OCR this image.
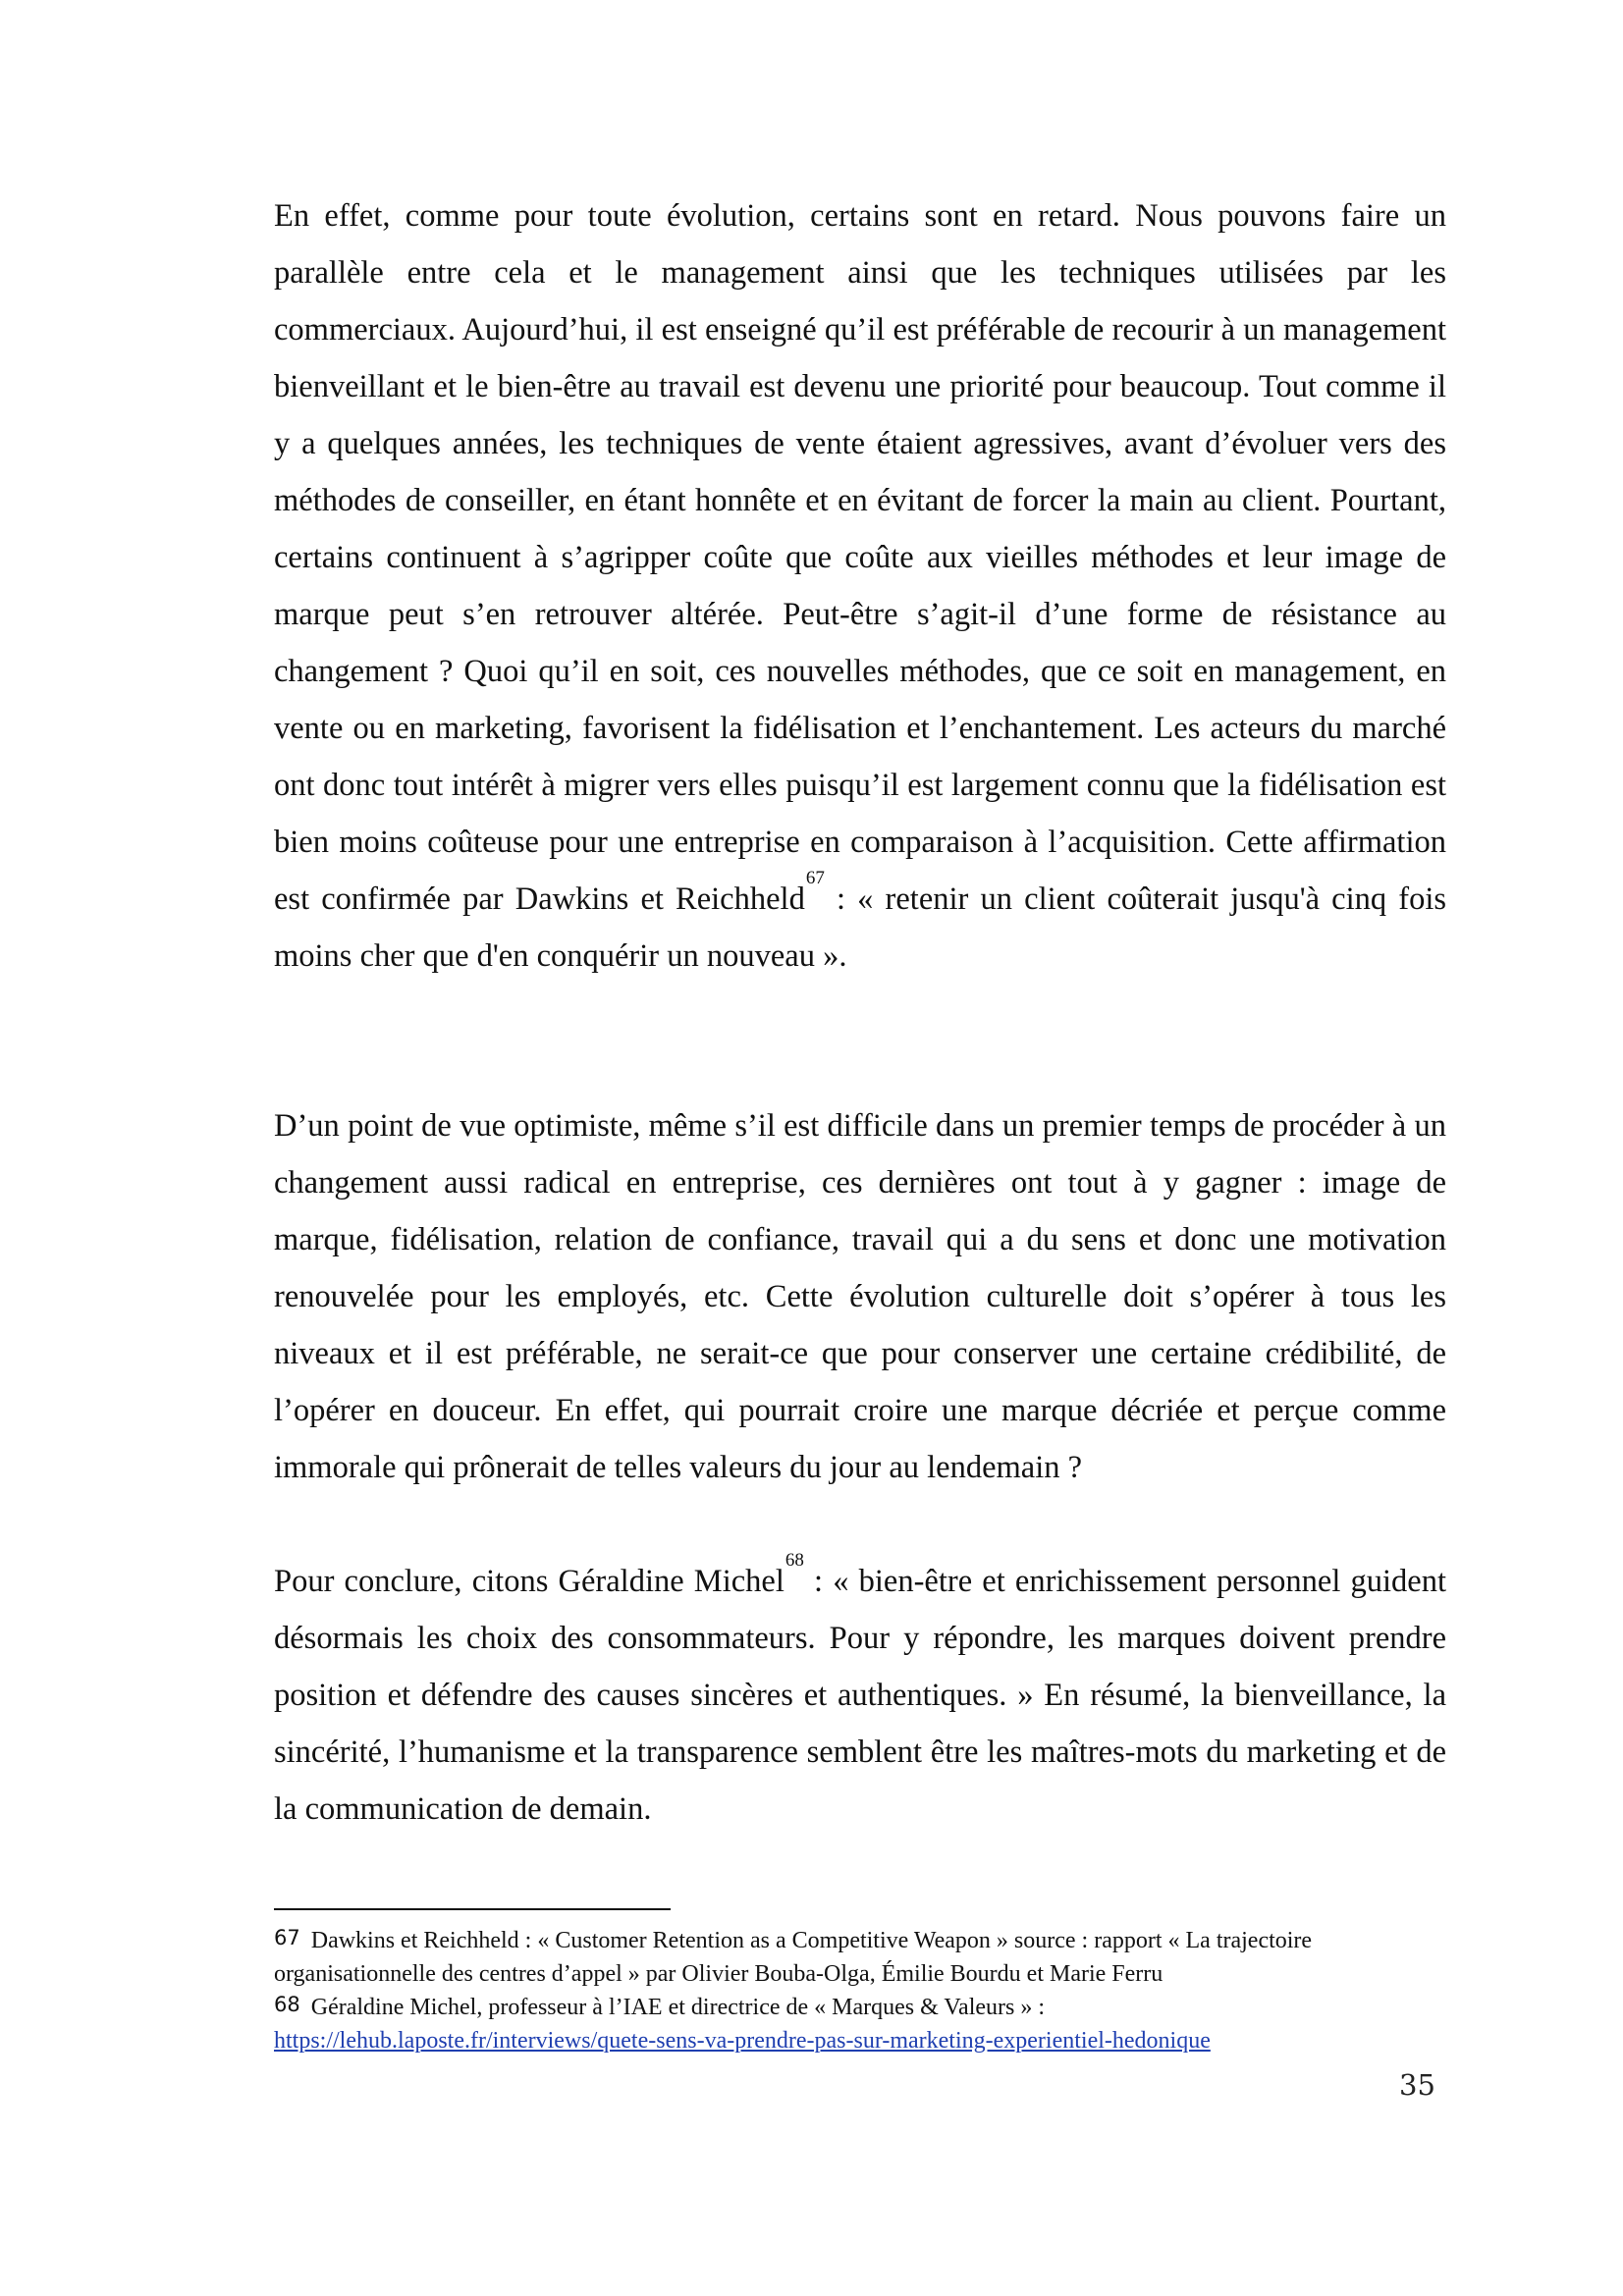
En effet, comme pour toute évolution, certains sont en retard. Nous pouvons faire un parallèle entre cela et le management ainsi que les techniques utilisées par les commerciaux. Aujourd’hui, il est enseigné qu’il est préférable de recourir à un management bienveillant et le bien-être au travail est devenu une priorité pour beaucoup. Tout comme il y a quelques années, les techniques de vente étaient agressives, avant d’évoluer vers des méthodes de conseiller, en étant honnête et en évitant de forcer la main au client. Pourtant, certains continuent à s’agripper coûte que coûte aux vieilles méthodes et leur image de marque peut s’en retrouver altérée. Peut-être s’agit-il d’une forme de résistance au changement ? Quoi qu’il en soit, ces nouvelles méthodes, que ce soit en management, en vente ou en marketing, favorisent la fidélisation et l’enchantement. Les acteurs du marché ont donc tout intérêt à migrer vers elles puisqu’il est largement connu que la fidélisation est bien moins coûteuse pour une entreprise en comparaison à l’acquisition. Cette affirmation est confirmée par Dawkins et Reichheld$^{67}$ : « retenir un client coûterait jusqu'à cinq fois moins cher que d'en conquérir un nouveau ».

D’un point de vue optimiste, même s’il est difficile dans un premier temps de procéder à un changement aussi radical en entreprise, ces dernières ont tout à y gagner : image de marque, fidélisation, relation de confiance, travail qui a du sens et donc une motivation renouvelée pour les employés, etc. Cette évolution culturelle doit s’opérer à tous les niveaux et il est préférable, ne serait-ce que pour conserver une certaine crédibilité, de l’opérer en douceur. En effet, qui pourrait croire une marque décriée et perçue comme immorale qui prônerait de telles valeurs du jour au lendemain ?

Pour conclure, citons Géraldine Michel$^{68}$ : « bien-être et enrichissement personnel guident désormais les choix des consommateurs. Pour y répondre, les marques doivent prendre position et défendre des causes sincères et authentiques. » En résumé, la bienveillance, la sincérité, l’humanisme et la transparence semblent être les maîtres-mots du marketing et de la communication de demain.

67 Dawkins et Reichheld : « Customer Retention as a Competitive Weapon » source : rapport « La trajectoire organisationnelle des centres d’appel » par Olivier Bouba-Olga, Émilie Bourdu et Marie Ferru

68 Géraldine Michel, professeur à l’IAE et directrice de « Marques & Valeurs » :
https://lehub.laposte.fr/interviews/quete-sens-va-prendre-pas-sur-marketing-experientiel-hedonique

35
